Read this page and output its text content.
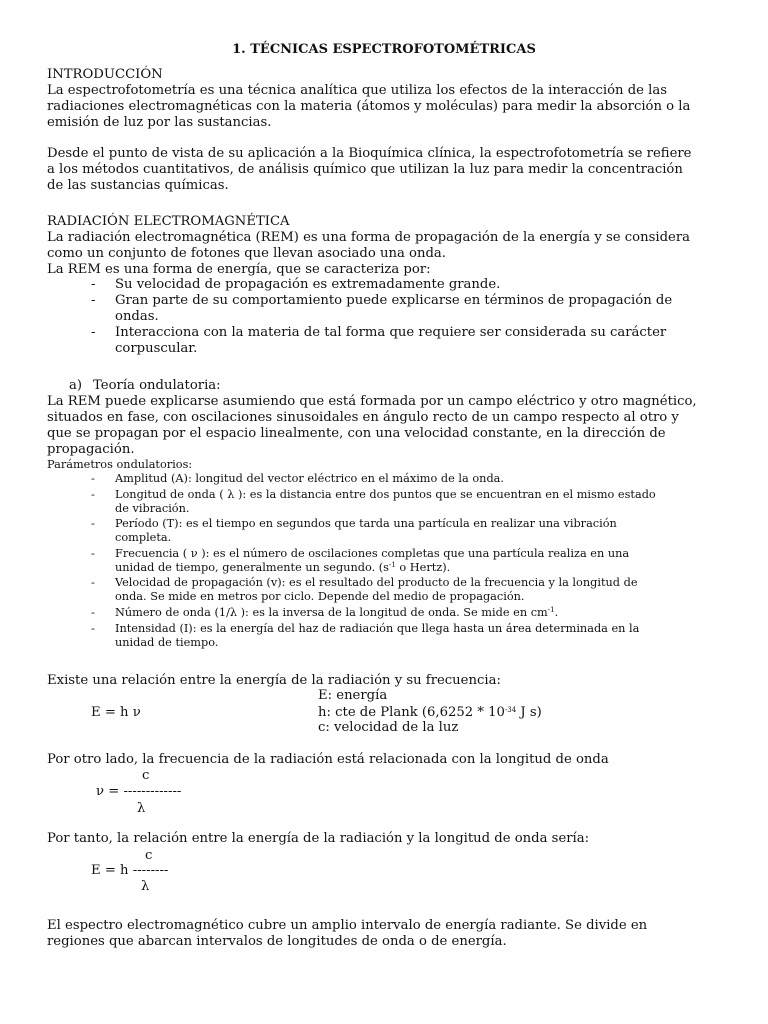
1. TÉCNICAS ESPECTROFOTOMÉTRICAS
INTRODUCCIÓN
La espectrofotometría es una técnica analítica que utiliza los efectos de la interacción de las
radiaciones electromagnéticas con la materia (átomos y moléculas) para medir la absorción o la
emisión de luz por las sustancias.
Desde el punto de vista de su aplicación a la Bioquímica clínica, la espectrofotometría se refiere
a los métodos cuantitativos, de análisis químico que utilizan la luz para medir la concentración
de las sustancias químicas.
RADIACIÓN ELECTROMAGNÉTICA
La radiación electromagnética (REM) es una forma de propagación de la energía y se considera
como un conjunto de fotones que llevan asociado una onda.
La REM es una forma de energía, que se caracteriza por:
- Su velocidad de propagación es extremadamente grande.
- Gran parte de su comportamiento puede explicarse en términos de propagación de
ondas.
- Interacciona con la materia de tal forma que requiere ser considerada su carácter
corpuscular.
a) Teoría ondulatoria:
La REM puede explicarse asumiendo que está formada por un campo eléctrico y otro magnético,
situados en fase, con oscilaciones sinusoidales en ángulo recto de un campo respecto al otro y
que se propagan por el espacio linealmente, con una velocidad constante, en la dirección de
propagación.
Parámetros ondulatorios:
- Amplitud (A): longitud del vector eléctrico en el máximo de la onda.
- Longitud de onda ( λ ): es la distancia entre dos puntos que se encuentran en el mismo estado
de vibración.
- Período (T): es el tiempo en segundos que tarda una partícula en realizar una vibración
completa.
- Frecuencia ( ν ): es el número de oscilaciones completas que una partícula realiza en una
unidad de tiempo, generalmente un segundo. ($s^{-1}$ o Hertz).
- Velocidad de propagación (v): es el resultado del producto de la frecuencia y la longitud de
onda. Se mide en metros por ciclo. Depende del medio de propagación.
- Número de onda (1/λ ): es la inversa de la longitud de onda. Se mide en $cm^{-1}$.
- Intensidad (I): es la energía del haz de radiación que llega hasta un área determinada en la
unidad de tiempo.
Existe una relación entre la energía de la radiación y su frecuencia:
E: energía
E = h ν	h: cte de Plank ($6,6252 * 10^{-34}$ J s)
c: velocidad de la luz
Por otro lado, la frecuencia de la radiación está relacionada con la longitud de onda
c
ν = -------------
λ
Por tanto, la relación entre la energía de la radiación y la longitud de onda sería:
c
E = h --------
λ
El espectro electromagnético cubre un amplio intervalo de energía radiante. Se divide en
regiones que abarcan intervalos de longitudes de onda o de energía.
